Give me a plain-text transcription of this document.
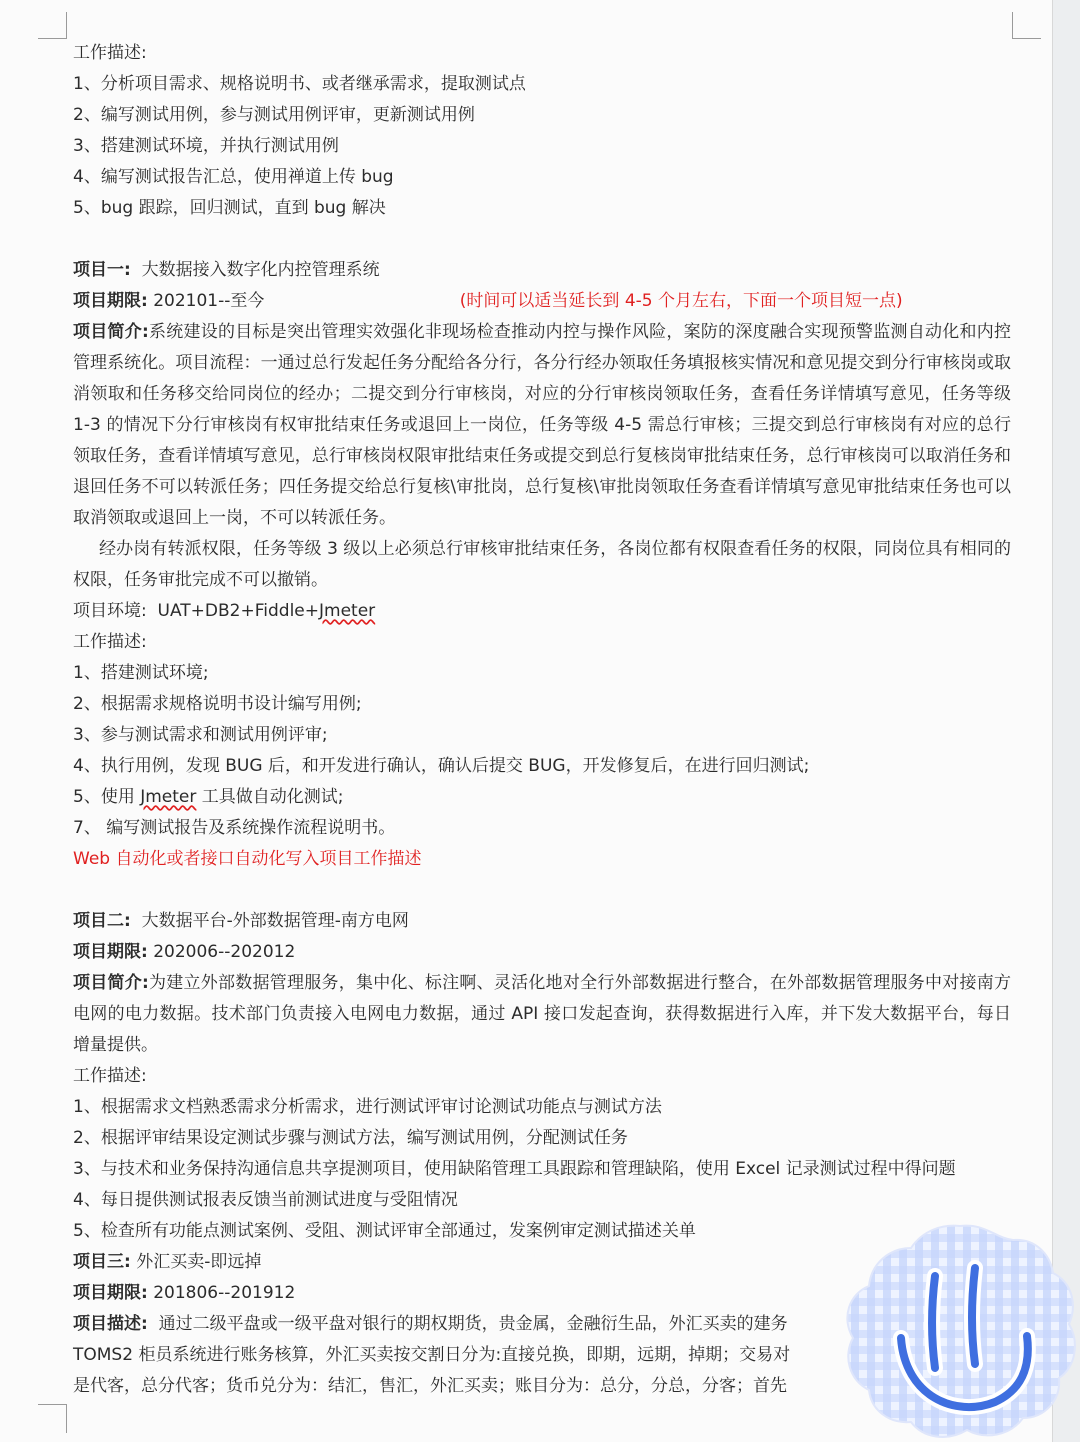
工作描述:
1、分析项目需求、规格说明书、或者继承需求，提取测试点
2、编写测试用例，参与测试用例评审，更新测试用例
3、搭建测试环境，并执行测试用例
4、编写测试报告汇总，使用禅道上传 bug
5、bug 跟踪，回归测试，直到 bug 解决
项目一: 大数据接入数字化内控管理系统
项目期限: 202101--至今	(时间可以适当延长到 4-5 个月左右，下面一个项目短一点)
项目简介:系统建设的目标是突出管理实效强化非现场检查推动内控与操作风险，案防的深度融合实现预警监测自动化和内控管理系统化。项目流程：一通过总行发起任务分配给各分行，各分行经办领取任务填报核实情况和意见提交到分行审核岗或取消领取和任务移交给同岗位的经办；二提交到分行审核岗，对应的分行审核岗领取任务，查看任务详情填写意见，任务等级 1-3 的情况下分行审核岗有权审批结束任务或退回上一岗位，任务等级 4-5 需总行审核；三提交到总行审核岗有对应的总行领取任务，查看详情填写意见，总行审核岗权限审批结束任务或提交到总行复核岗审批结束任务，总行审核岗可以取消任务和退回任务不可以转派任务；四任务提交给总行复核\审批岗，总行复核\审批岗领取任务查看详情填写意见审批结束任务也可以取消领取或退回上一岗，不可以转派任务。
经办岗有转派权限，任务等级 3 级以上必须总行审核审批结束任务，各岗位都有权限查看任务的权限，同岗位具有相同的权限，任务审批完成不可以撤销。
项目环境: UAT+DB2+Fiddle+Jmeter
工作描述:
1、搭建测试环境;
2、根据需求规格说明书设计编写用例;
3、参与测试需求和测试用例评审;
4、执行用例，发现 BUG 后，和开发进行确认，确认后提交 BUG，开发修复后，在进行回归测试;
5、使用 Jmeter 工具做自动化测试;
7、 编写测试报告及系统操作流程说明书。
Web 自动化或者接口自动化写入项目工作描述
项目二: 大数据平台-外部数据管理-南方电网
项目期限: 202006--202012
项目简介:为建立外部数据管理服务，集中化、标注啊、灵活化地对全行外部数据进行整合，在外部数据管理服务中对接南方电网的电力数据。技术部门负责接入电网电力数据，通过 API 接口发起查询，获得数据进行入库，并下发大数据平台，每日增量提供。
工作描述:
1、根据需求文档熟悉需求分析需求，进行测试评审讨论测试功能点与测试方法
2、根据评审结果设定测试步骤与测试方法，编写测试用例，分配测试任务
3、与技术和业务保持沟通信息共享提测项目，使用缺陷管理工具跟踪和管理缺陷，使用 Excel 记录测试过程中得问题
4、每日提供测试报表反馈当前测试进度与受阻情况
5、检查所有功能点测试案例、受阻、测试评审全部通过，发案例审定测试描述关单
项目三: 外汇买卖-即远掉
项目期限: 201806--201912
项目描述: 通过二级平盘或一级平盘对银行的期权期货，贵金属，金融衍生品，外汇买卖的建务
TOMS2 柜员系统进行账务核算，外汇买卖按交割日分为:直接兑换，即期，远期，掉期；交易对
是代客，总分代客；货币兑分为：结汇，售汇，外汇买卖；账目分为：总分，分总，分客；首先
